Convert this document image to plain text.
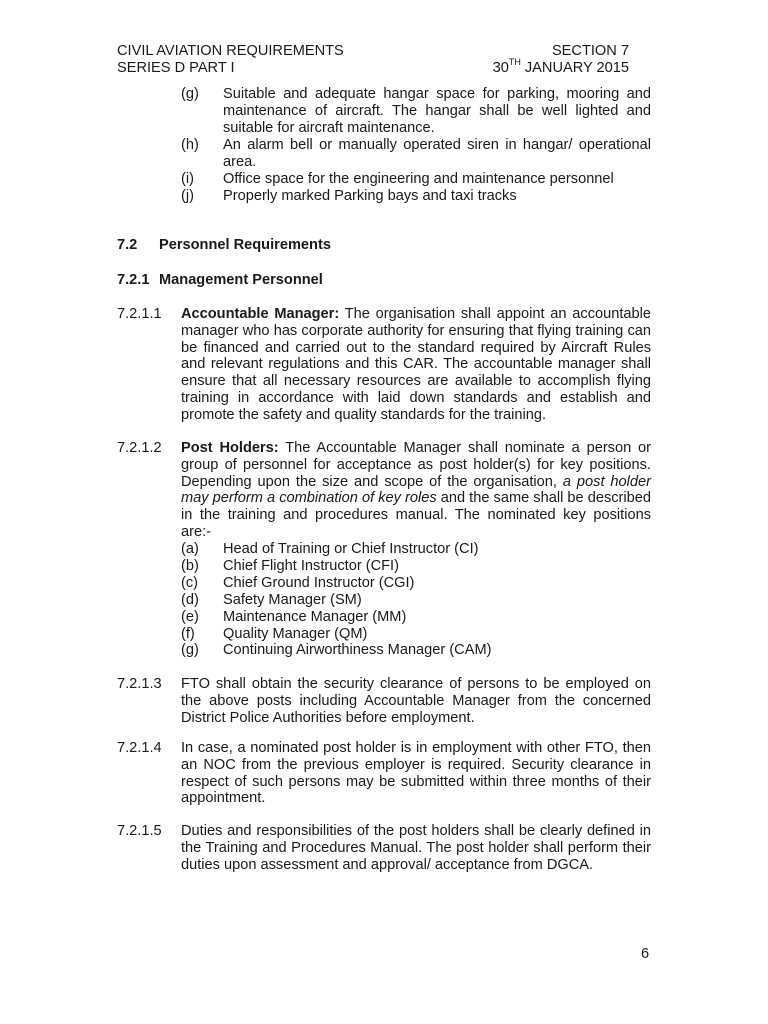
CIVIL AVIATION REQUIREMENTS	SECTION 7
SERIES D PART I	30TH JANUARY 2015
(g)	Suitable and adequate hangar space for parking, mooring and maintenance of aircraft. The hangar shall be well lighted and suitable for aircraft maintenance.
(h)	An alarm bell or manually operated siren in hangar/ operational area.
(i)	Office space for the engineering and maintenance personnel
(j)	Properly marked Parking bays and taxi tracks
7.2	Personnel Requirements
7.2.1 Management Personnel
7.2.1.1	Accountable Manager: The organisation shall appoint an accountable manager who has corporate authority for ensuring that flying training can be financed and carried out to the standard required by Aircraft Rules and relevant regulations and this CAR. The accountable manager shall ensure that all necessary resources are available to accomplish flying training in accordance with laid down standards and establish and promote the safety and quality standards for the training.
7.2.1.2	Post Holders: The Accountable Manager shall nominate a person or group of personnel for acceptance as post holder(s) for key positions. Depending upon the size and scope of the organisation, a post holder may perform a combination of key roles and the same shall be described in the training and procedures manual. The nominated key positions are:-
(a)	Head of Training or Chief Instructor (CI)
(b)	Chief Flight Instructor (CFI)
(c)	Chief Ground Instructor (CGI)
(d)	Safety Manager (SM)
(e)	Maintenance Manager (MM)
(f)	Quality Manager (QM)
(g)	Continuing Airworthiness Manager (CAM)
7.2.1.3	FTO shall obtain the security clearance of persons to be employed on the above posts including Accountable Manager from the concerned District Police Authorities before employment.
7.2.1.4	In case, a nominated post holder is in employment with other FTO, then an NOC from the previous employer is required. Security clearance in respect of such persons may be submitted within three months of their appointment.
7.2.1.5	Duties and responsibilities of the post holders shall be clearly defined in the Training and Procedures Manual. The post holder shall perform their duties upon assessment and approval/ acceptance from DGCA.
6
